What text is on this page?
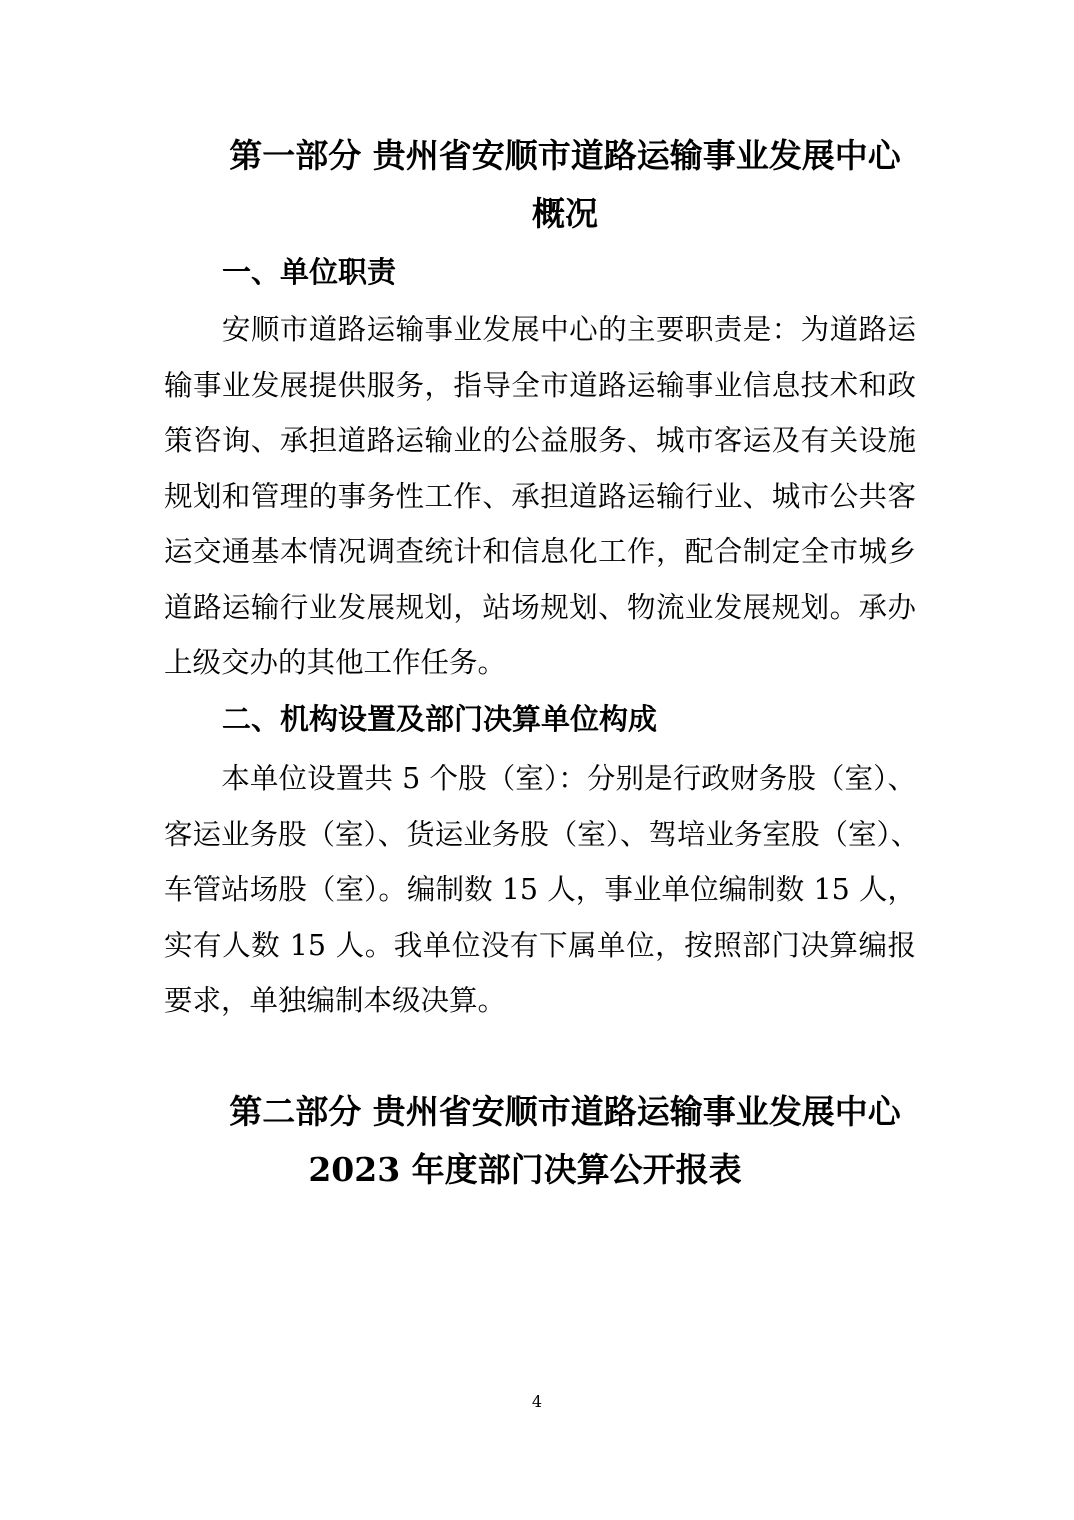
第一部分 贵州省安顺市道路运输事业发展中心
概况
一、单位职责
　　安顺市道路运输事业发展中心的主要职责是：为道路运
输事业发展提供服务，指导全市道路运输事业信息技术和政
策咨询、承担道路运输业的公益服务、城市客运及有关设施
规划和管理的事务性工作、承担道路运输行业、城市公共客
运交通基本情况调查统计和信息化工作，配合制定全市城乡
道路运输行业发展规划，站场规划、物流业发展规划。承办
上级交办的其他工作任务。
二、机构设置及部门决算单位构成
　　本单位设置共 5 个股（室）：分别是行政财务股（室）、
客运业务股（室）、货运业务股（室）、驾培业务室股（室）、
车管站场股（室）。编制数 15 人，事业单位编制数 15 人，
实有人数 15 人。我单位没有下属单位，按照部门决算编报
要求，单独编制本级决算。
第二部分 贵州省安顺市道路运输事业发展中心
2023 年度部门决算公开报表
4
